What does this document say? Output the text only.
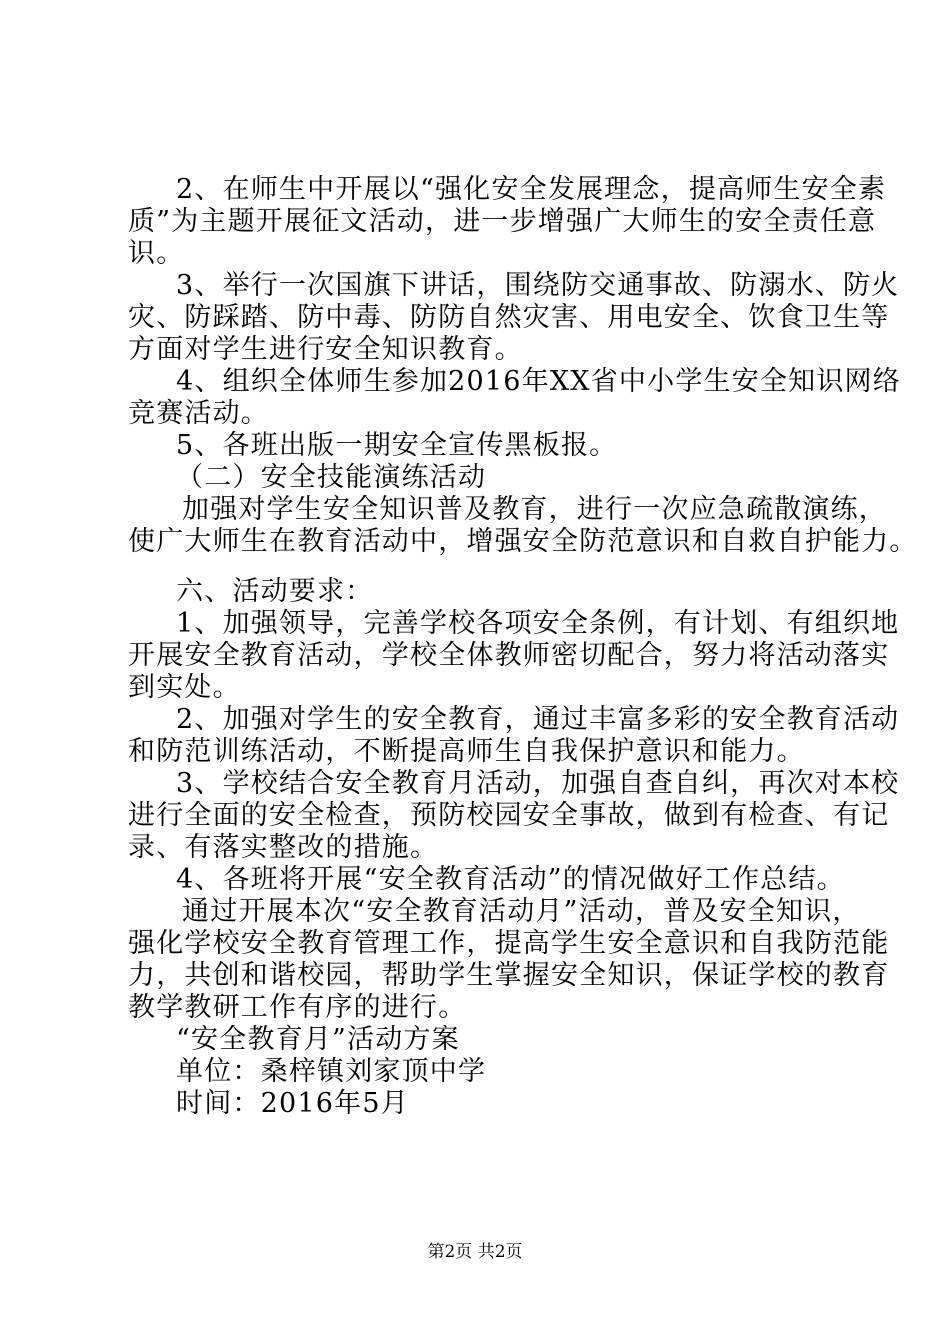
2、在师生中开展以“强化安全发展理念，提高师生安全素

质”为主题开展征文活动，进一步增强广大师生的安全责任意

识。

3、举行一次国旗下讲话，围绕防交通事故、防溺水、防火

灾、防踩踏、防中毒、防防自然灾害、用电安全、饮食卫生等

方面对学生进行安全知识教育。

4、组织全体师生参加2016年XX省中小学生安全知识网络

竞赛活动。

5、各班出版一期安全宣传黑板报。

（二）安全技能演练活动

加强对学生安全知识普及教育，进行一次应急疏散演练，

使广大师生在教育活动中，增强安全防范意识和自救自护能力。

六、活动要求：

1、加强领导，完善学校各项安全条例，有计划、有组织地

开展安全教育活动，学校全体教师密切配合，努力将活动落实

到实处。

2、加强对学生的安全教育，通过丰富多彩的安全教育活动

和防范训练活动，不断提高师生自我保护意识和能力。

3、学校结合安全教育月活动，加强自查自纠，再次对本校

进行全面的安全检查，预防校园安全事故，做到有检查、有记

录、有落实整改的措施。

4、各班将开展“安全教育活动”的情况做好工作总结。

通过开展本次“安全教育活动月”活动，普及安全知识，

强化学校安全教育管理工作，提高学生安全意识和自我防范能

力，共创和谐校园，帮助学生掌握安全知识，保证学校的教育

教学教研工作有序的进行。

“安全教育月”活动方案

单位：桑梓镇刘家顶中学

时间：2016年5月

第2页 共2页
